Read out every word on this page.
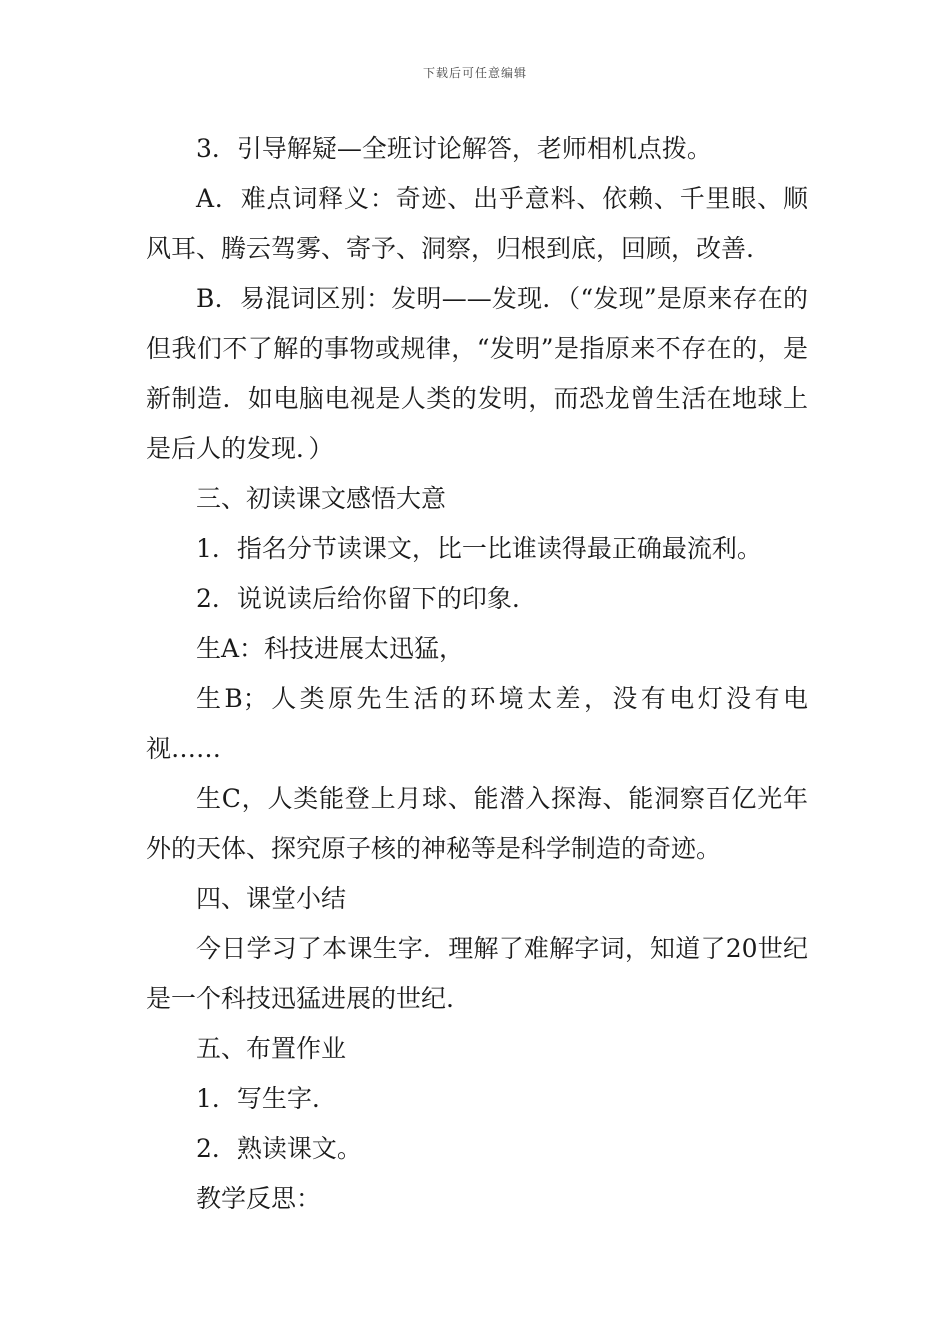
下载后可任意编辑

3．引导解疑—全班讨论解答，老师相机点拨。

A．难点词释义：奇迹、出乎意料、依赖、千里眼、顺风耳、腾云驾雾、寄予、洞察，归根到底，回顾，改善.

B．易混词区别：发明——发现．（“发现”是原来存在的但我们不了解的事物或规律，“发明”是指原来不存在的，是新制造．如电脑电视是人类的发明，而恐龙曾生活在地球上是后人的发现．）

三、初读课文感悟大意

1．指名分节读课文，比一比谁读得最正确最流利。

2．说说读后给你留下的印象.

生A：科技进展太迅猛，

生B；人类原先生活的环境太差，没有电灯没有电视……

生C，人类能登上月球、能潜入探海、能洞察百亿光年外的天体、探究原子核的神秘等是科学制造的奇迹。

四、课堂小结

今日学习了本课生字．理解了难解字词，知道了20世纪是一个科技迅猛进展的世纪.

五、布置作业

1．写生字.

2．熟读课文。

教学反思：
